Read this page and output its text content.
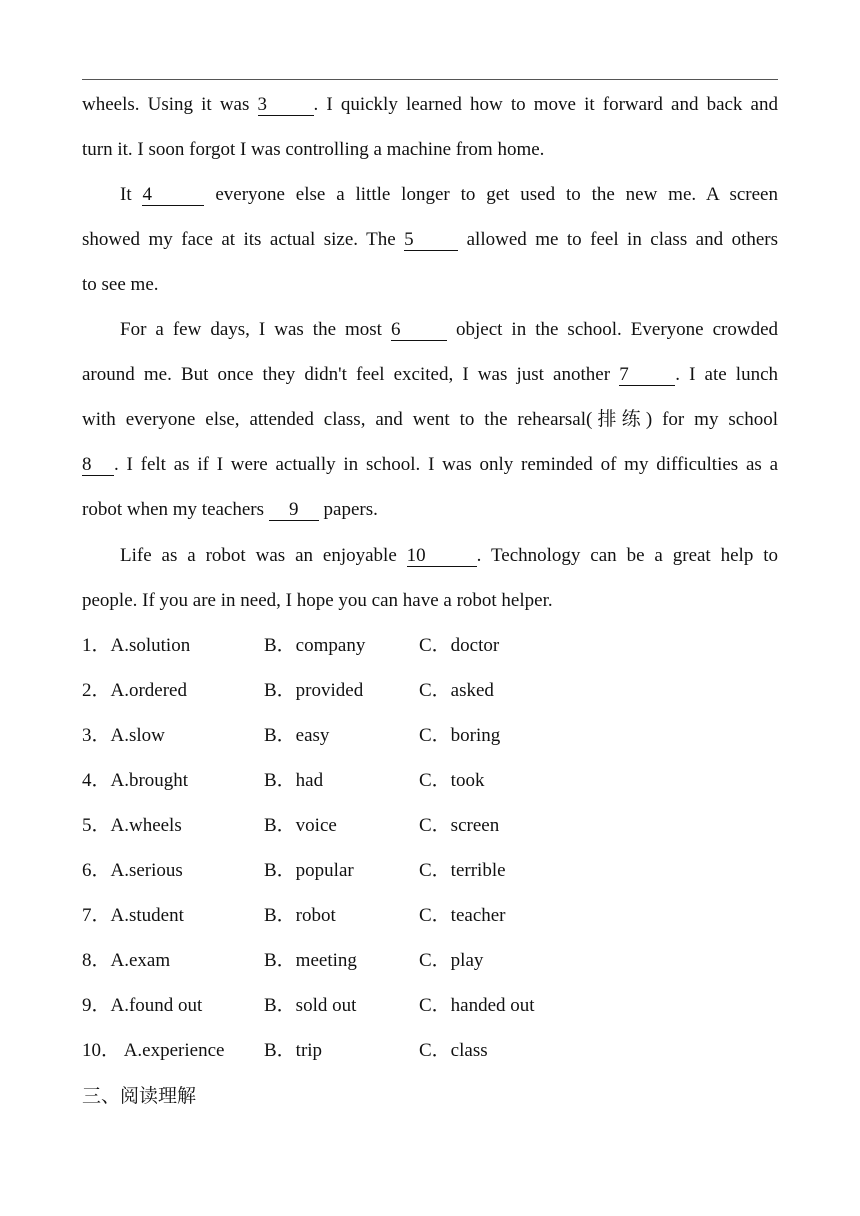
wheels. Using it was 3 . I quickly learned how to move it forward and back and
turn it. I soon forgot I was controlling a machine from home.
It 4	everyone else a little longer to get used to the new me. A screen
showed my face at its actual size. The 5	allowed me to feel in class and others
to see me.
For a few days, I was the most 6	object in the school. Everyone crowded
around me. But once they didn't feel excited, I was just another 7 . I ate lunch
with everyone else, attended class, and went to the rehearsal(排练) for my school
8 . I felt as if I were actually in school. I was only reminded of my difficulties as a
robot when my teachers 9 papers.
Life as a robot was an enjoyable 10	. Technology can be a great help to
people. If you are in need, I hope you can have a robot helper.
1．A.solution	B．company	C．doctor
2．A.ordered	B．provided	C．asked
3．A.slow	B．easy	C．boring
4．A.brought	B．had	C．took
5．A.wheels	B．voice	C．screen
6．A.serious	B．popular	C．terrible
7．A.student	B．robot	C．teacher
8．A.exam	B．meeting	C．play
9．A.found out	B．sold out	C．handed out
10． A.experience B．trip	C．class
三、阅读理解
